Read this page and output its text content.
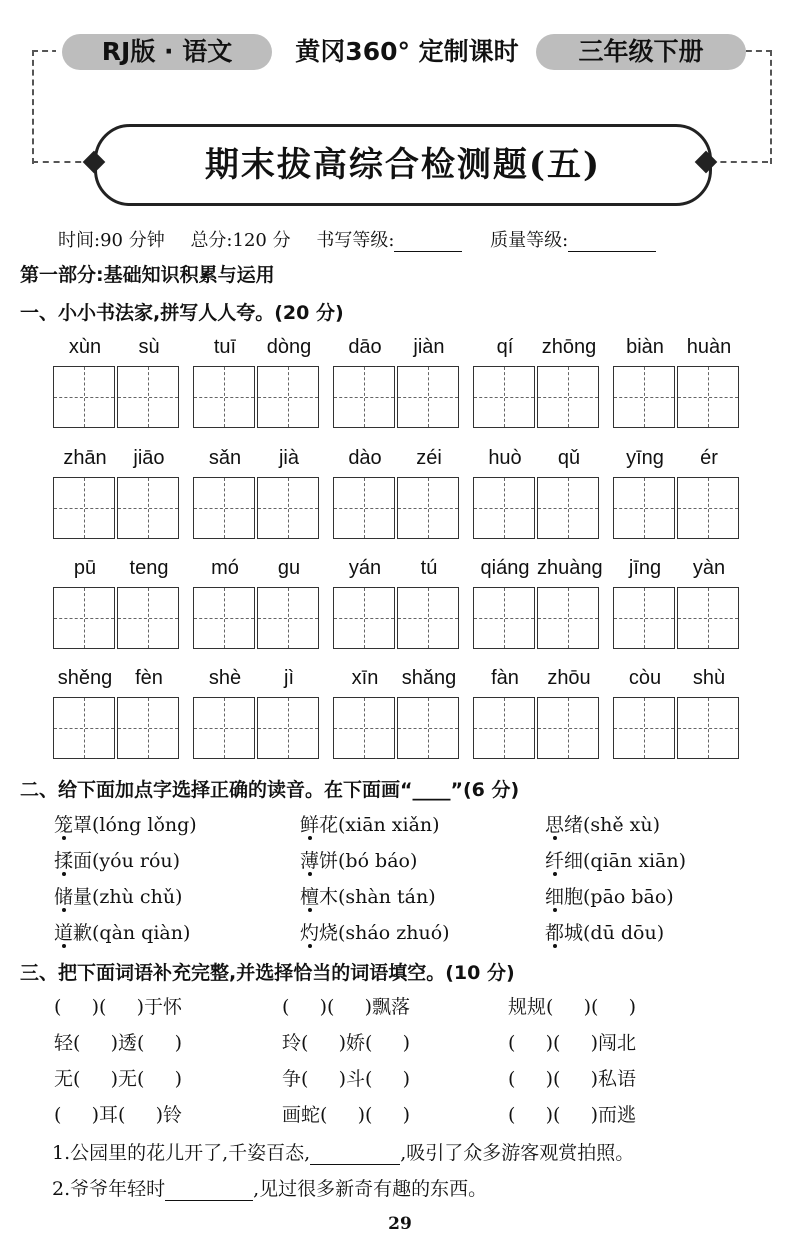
RJ版 · 语文	黄冈360° 定制课时	三年级下册
期末拔高综合检测题(五)
时间:90 分钟 总分:120 分 书写等级:	质量等级:
第一部分:基础知识积累与运用
一、小小书法家,拼写人人夸。(20 分)
xùn	sù	tuī	dòng	dāo	jiàn	qí	zhōng	biàn	huàn
zhān	jiāo	sǎn	jià	dào	zéi	huò	qǔ	yīng	ér
pū	teng	mó	gu	yán	tú	qiáng zhuàng	jīng	yàn
shěng	fèn	shè	jì	xīn	shǎng	fàn	zhōu	còu	shù
二、给下面加点字选择正确的读音。在下面画“____”(6 分)
笼罩(lóng lǒng)	鲜花(xiān xiǎn)	思绪(shě xù)
揉面(yóu róu)	薄饼(bó báo)	纤细(qiān xiān)
储量(zhù chǔ)	檀木(shàn tán)	细胞(pāo bāo)
道歉(qàn qiàn)	灼烧(sháo zhuó)	都城(dū dōu)
三、把下面词语补充完整,并选择恰当的词语填空。(10 分)
(     )(     )于怀	(     )(     )飘落	规规(     )(     )
轻(     )透(     )	玲(     )娇(     )	(     )(     )闯北
无(     )无(     )	争(     )斗(     )	(     )(     )私语
(     )耳(     )铃	画蛇(     )(     )	(     )(     )而逃
1.公园里的花儿开了,千姿百态,	,吸引了众多游客观赏拍照。
2.爷爷年轻时	,见过很多新奇有趣的东西。
29
